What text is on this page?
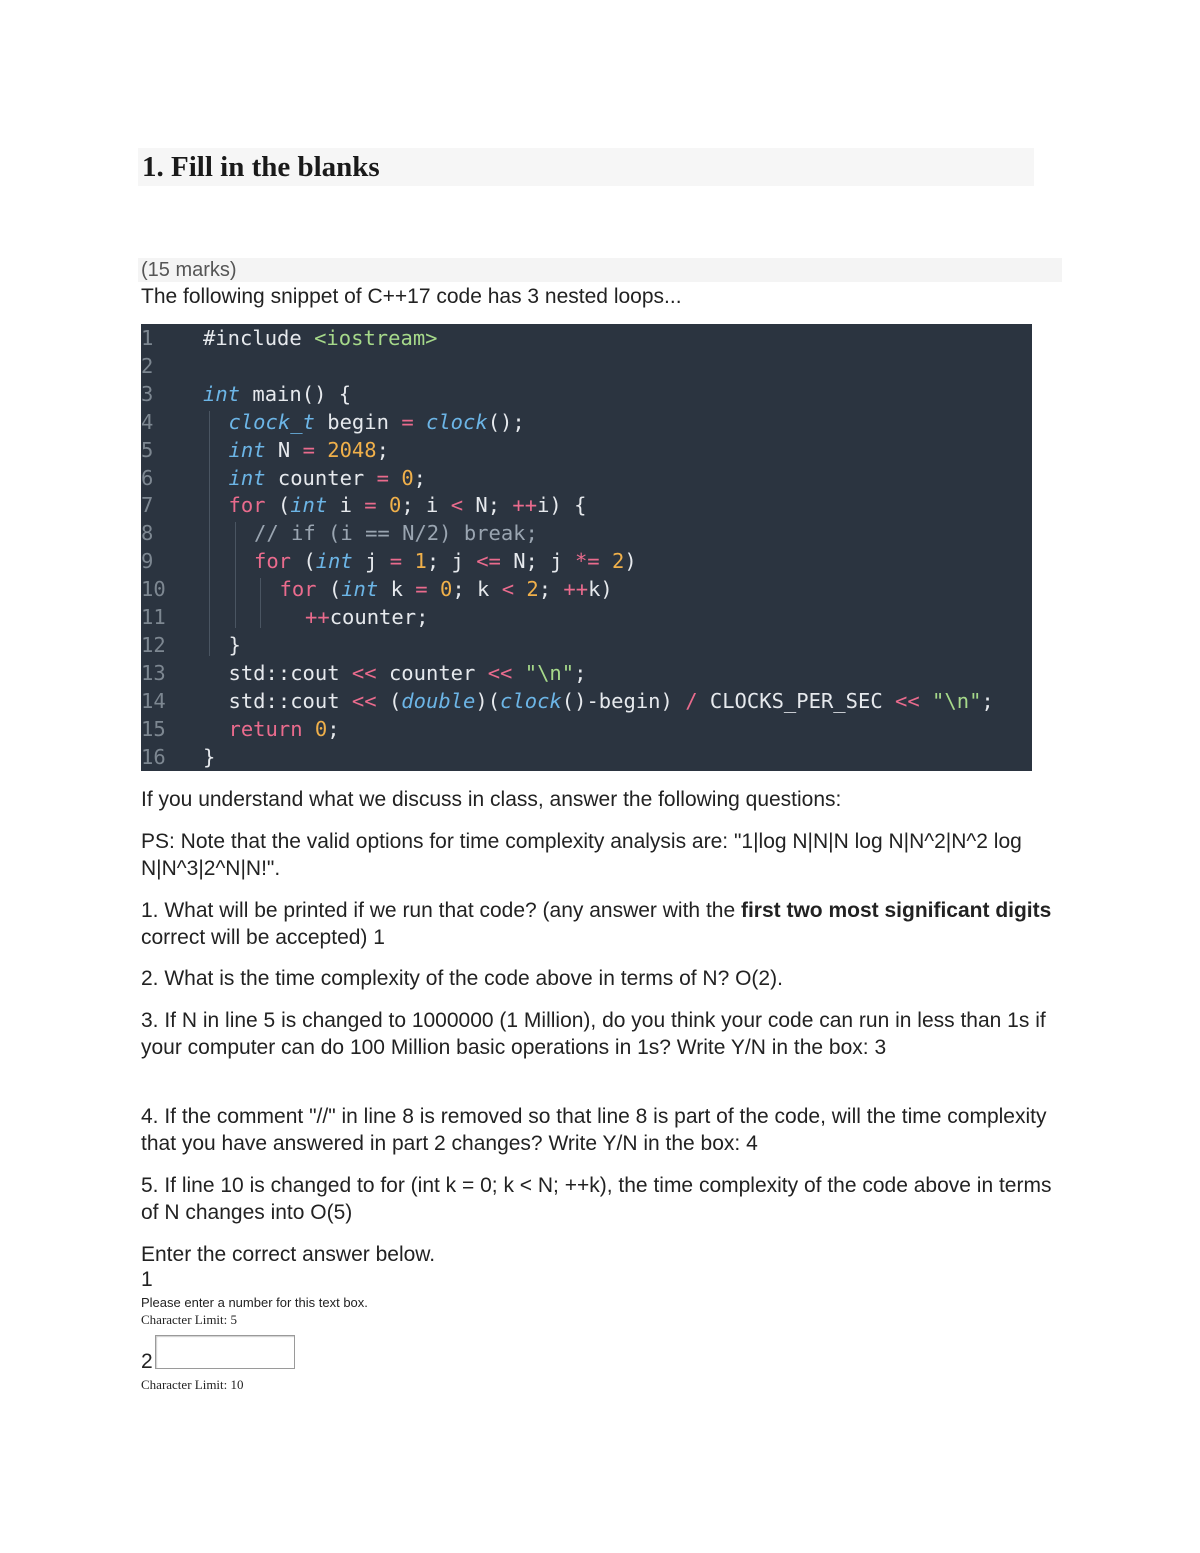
1. Fill in the blanks
(15 marks)
The following snippet of C++17 code has 3 nested loops...
1	#include <iostream>
2
3	int main() {
4	clock_t begin = clock();
5	int N = 2048;
6	int counter = 0;
7	for (int i = 0; i < N; ++i) {
8	// if (i == N/2) break;
9	for (int j = 1; j <= N; j *= 2)
10	for (int k = 0; k < 2; ++k)
11	++counter;
12	}
13	std::cout << counter << "\n";
14	std::cout << (double)(clock()-begin) / CLOCKS_PER_SEC << "\n";
15	return 0;
16 }
If you understand what we discuss in class, answer the following questions:
PS: Note that the valid options for time complexity analysis are: "1|log N|N|N log N|N^2|N^2 log N|N^3|2^N|N!".
1. What will be printed if we run that code? (any answer with the first two most significant digits correct will be accepted) 1
2. What is the time complexity of the code above in terms of N? O(2).
3. If N in line 5 is changed to 1000000 (1 Million), do you think your code can run in less than 1s if your computer can do 100 Million basic operations in 1s? Write Y/N in the box: 3
4. If the comment "//" in line 8 is removed so that line 8 is part of the code, will the time complexity that you have answered in part 2 changes? Write Y/N in the box: 4
5. If line 10 is changed to for (int k = 0; k < N; ++k), the time complexity of the code above in terms of N changes into O(5)
Enter the correct answer below.
1
Please enter a number for this text box.
Character Limit: 5
2
Character Limit: 10
